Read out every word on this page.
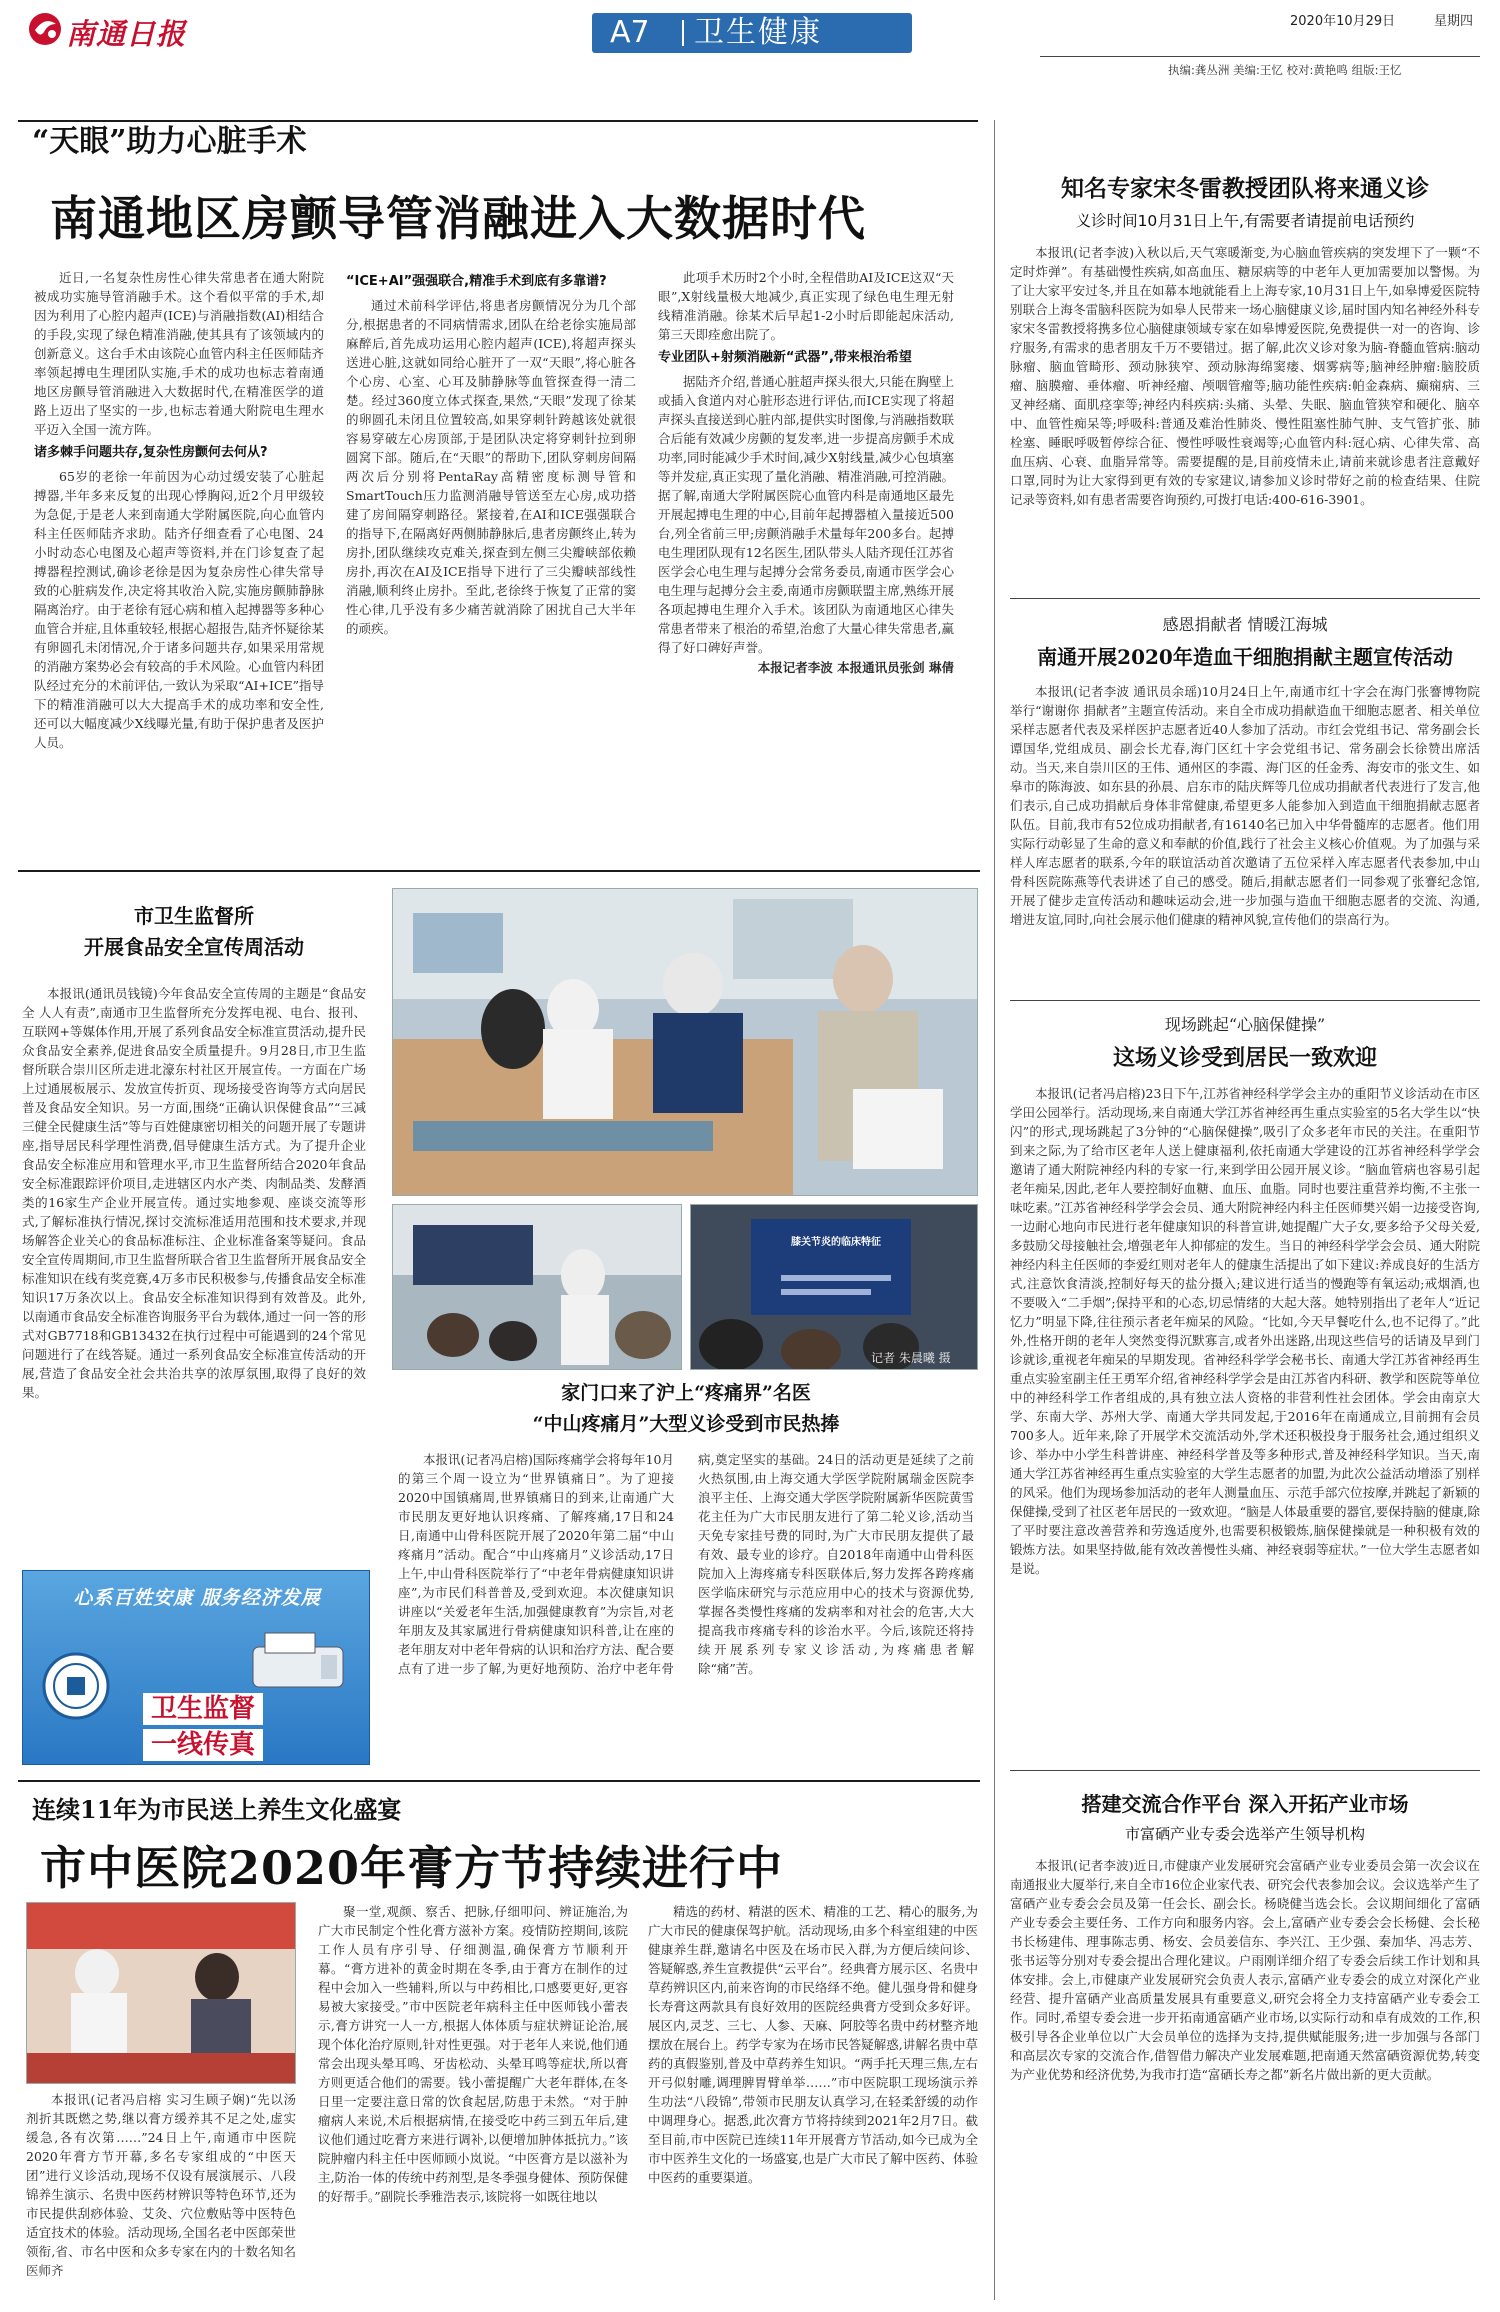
南通日报	A7 卫生健康	2020年10月29日	星期四
执编:龚丛洲 美编:王忆 校对:黄艳鸣 组版:王忆
“天眼”助力心脏手术
南通地区房颤导管消融进入大数据时代

近日,一名复杂性房性心律失常患者在通大附院被成功实施导管消融手术。这个看似平常的手术,却因为利用了心腔内超声(ICE)与消融指数(AI)相结合的手段,实现了绿色精准消融,使其具有了该领域内的创新意义。这台手术由该院心血管内科主任医师陆齐率领起搏电生理团队实施,手术的成功也标志着南通地区房颤导管消融进入大数据时代,在精准医学的道路上迈出了坚实的一步,也标志着通大附院电生理水平迈入全国一流方阵。

诸多棘手问题共存,复杂性房颤何去何从?

65岁的老徐一年前因为心动过缓安装了心脏起搏器,半年多来反复的出现心悸胸闷,近2个月甲级较为急促,于是老人来到南通大学附属医院,向心血管内科主任医师陆齐求助。陆齐仔细查看了心电图、24小时动态心电图及心超声等资料,并在门诊复查了起搏器程控测试,确诊老徐是因为复杂房性心律失常导致的心脏病发作,决定将其收治入院,实施房颤肺静脉隔离治疗。由于老徐有冠心病和植入起搏器等多种心血管合并症,且体重较轻,根据心超报告,陆齐怀疑徐某有卵圆孔未闭情况,介于诸多问题共存,如果采用常规的消融方案势必会有较高的手术风险。心血管内科团队经过充分的术前评估,一致认为采取“AI+ICE”指导下的精准消融可以大大提高手术的成功率和安全性,还可以大幅度减少X线曝光量,有助于保护患者及医护人员。

“ICE+AI”强强联合,精准手术到底有多靠谱?

通过术前科学评估,将患者房颤情况分为几个部分,根据患者的不同病情需求,团队在给老徐实施局部麻醉后,首先成功运用心腔内超声(ICE),将超声探头送进心脏,这就如同给心脏开了一双“天眼”,将心脏各个心房、心室、心耳及肺静脉等血管探查得一清二楚。经过360度立体式探查,果然,“天眼”发现了徐某的卵圆孔未闭且位置较高,如果穿刺针跨越该处就很容易穿破左心房顶部,于是团队决定将穿刺针拉到卵圆窝下部。随后,在“天眼”的帮助下,团队穿刺房间隔两次后分别将PentaRay高精密度标测导管和SmartTouch压力监测消融导管送至左心房,成功搭建了房间隔穿刺路径。紧接着,在AI和ICE强强联合的指导下,在隔离好两侧肺静脉后,患者房颤终止,转为房扑,团队继续攻克难关,探查到左侧三尖瓣峡部依赖房扑,再次在AI及ICE指导下进行了三尖瓣峡部线性消融,顺利终止房扑。至此,老徐终于恢复了正常的窦性心律,几乎没有多少痛苦就消除了困扰自己大半年的顽疾。

此项手术历时2个小时,全程借助AI及ICE这双“天眼”,X射线量极大地减少,真正实现了绿色电生理无射线精准消融。徐某术后早起1-2小时后即能起床活动,第三天即痊愈出院了。

专业团队+射频消融新“武器”,带来根治希望

据陆齐介绍,普通心脏超声探头很大,只能在胸壁上或插入食道内对心脏形态进行评估,而ICE实现了将超声探头直接送到心脏内部,提供实时图像,与消融指数联合后能有效减少房颤的复发率,进一步提高房颤手术成功率,同时能减少手术时间,减少X射线量,减少心包填塞等并发症,真正实现了量化消融、精准消融,可控消融。据了解,南通大学附属医院心血管内科是南通地区最先开展起搏电生理的中心,目前年起搏器植入量接近500台,列全省前三甲;房颤消融手术量每年200多台。起搏电生理团队现有12名医生,团队带头人陆齐现任江苏省医学会心电生理与起搏分会常务委员,南通市医学会心电生理与起搏分会主委,南通市房颤联盟主席,熟练开展各项起搏电生理介入手术。该团队为南通地区心律失常患者带来了根治的希望,治愈了大量心律失常患者,赢得了好口碑好声誉。

本报记者李波 本报通讯员张剑 琳倩
知名专家宋冬雷教授团队将来通义诊
义诊时间10月31日上午,有需要者请提前电话预约

本报讯(记者李波)入秋以后,天气寒暖渐变,为心脑血管疾病的突发埋下了一颗“不定时炸弹”。有基础慢性疾病,如高血压、糖尿病等的中老年人更加需要加以警惕。为了让大家平安过冬,并且在如幕本地就能看上上海专家,10月31日上午,如皋博爱医院特别联合上海冬雷脑科医院为如皋人民带来一场心脑健康义诊,届时国内知名神经外科专家宋冬雷教授将携多位心脑健康领域专家在如皋博爱医院,免费提供一对一的咨询、诊疗服务,有需求的患者朋友千万不要错过。据了解,此次义诊对象为脑-脊髓血管病:脑动脉瘤、脑血管畸形、颈动脉狭窄、颈动脉海绵窦瘘、烟雾病等;脑神经肿瘤:脑胶质瘤、脑膜瘤、垂体瘤、听神经瘤、颅咽管瘤等;脑功能性疾病:帕金森病、癫痫病、三叉神经痛、面肌痉挛等;神经内科疾病:头痛、头晕、失眠、脑血管狭窄和硬化、脑卒中、血管性痴呆等;呼吸科:普通及难治性肺炎、慢性阻塞性肺气肿、支气管扩张、肺栓塞、睡眠呼吸暂停综合征、慢性呼吸性衰竭等;心血管内科:冠心病、心律失常、高血压病、心衰、血脂异常等。需要提醒的是,目前疫情未止,请前来就诊患者注意戴好口罩,同时为让大家得到更有效的专家建议,请参加义诊时带好之前的检查结果、住院记录等资料,如有患者需要咨询预约,可拨打电话:400-616-3901。

感恩捐献者 情暖江海城
南通开展2020年造血干细胞捐献主题宣传活动

本报讯(记者李波 通讯员余瑶)10月24日上午,南通市红十字会在海门张謇博物院举行“谢谢你 捐献者”主题宣传活动。来自全市成功捐献造血干细胞志愿者、相关单位采样志愿者代表及采样医护志愿者近40人参加了活动。市红会党组书记、常务副会长谭国华,党组成员、副会长尤春,海门区红十字会党组书记、常务副会长徐赞出席活动。当天,来自崇川区的王伟、通州区的李霞、海门区的任金秀、海安市的张文生、如皋市的陈海波、如东县的孙晨、启东市的陆庆辉等几位成功捐献者代表进行了发言,他们表示,自己成功捐献后身体非常健康,希望更多人能参加入到造血干细胞捐献志愿者队伍。目前,我市有52位成功捐献者,有16140名已加入中华骨髓库的志愿者。他们用实际行动彰显了生命的意义和奉献的价值,践行了社会主义核心价值观。为了加强与采样人库志愿者的联系,今年的联谊活动首次邀请了五位采样入库志愿者代表参加,中山骨科医院陈燕等代表讲述了自己的感受。随后,捐献志愿者们一同参观了张謇纪念馆,开展了健步走宣传活动和趣味运动会,进一步加强与造血干细胞志愿者的交流、沟通,增进友谊,同时,向社会展示他们健康的精神风貌,宣传他们的崇高行为。

现场跳起“心脑保健操”
这场义诊受到居民一致欢迎

本报讯(记者冯启榕)23日下午,江苏省神经科学学会主办的重阳节义诊活动在市区学田公园举行。活动现场,来自南通大学江苏省神经再生重点实验室的5名大学生以“快闪”的形式,现场跳起了3分钟的“心脑保健操”,吸引了众多老年市民的关注。在重阳节到来之际,为了给市区老年人送上健康福利,依托南通大学建设的江苏省神经科学学会邀请了通大附院神经内科的专家一行,来到学田公园开展义诊。“脑血管病也容易引起老年痴呆,因此,老年人要控制好血糖、血压、血脂。同时也要注重营养均衡,不主张一味吃素。”江苏省神经科学学会会员、通大附院神经内科主任医师樊兴娟一边接受咨询,一边耐心地向市民进行老年健康知识的科普宣讲,她提醒广大子女,要多给予父母关爱,多鼓励父母接触社会,增强老年人抑郁症的发生。当日的神经科学学会会员、通大附院神经内科主任医师的李爱红则对老年人的健康生活提出了如下建议:养成良好的生活方式,注意饮食清淡,控制好每天的盐分摄入;建议进行适当的慢跑等有氧运动;戒烟酒,也不要吸入“二手烟”;保持平和的心态,切忌情绪的大起大落。她特别指出了老年人“近记忆力”明显下降,往往预示者老年痴呆的风险。“比如,今天早餐吃什么,也不记得了。”此外,性格开朗的老年人突然变得沉默寡言,或者外出迷路,出现这些信号的话请及早到门诊就诊,重视老年痴呆的早期发现。省神经科学学会秘书长、南通大学江苏省神经再生重点实验室副主任王勇军介绍,省神经科学学会是由江苏省内科研、教学和医院等单位中的神经科学工作者组成的,具有独立法人资格的非营利性社会团体。学会由南京大学、东南大学、苏州大学、南通大学共同发起,于2016年在南通成立,目前拥有会员700多人。近年来,除了开展学术交流活动外,学术还积极投身于服务社会,通过组织义诊、举办中小学生科普讲座、神经科学普及等多种形式,普及神经科学知识。当天,南通大学江苏省神经再生重点实验室的大学生志愿者的加盟,为此次公益活动增添了别样的风采。他们为现场参加活动的老年人测量血压、示范手部穴位按摩,并跳起了新颖的保健操,受到了社区老年居民的一致欢迎。“脑是人体最重要的器官,要保持脑的健康,除了平时要注意改善营养和劳逸适度外,也需要积极锻炼,脑保健操就是一种积极有效的锻炼方法。如果坚持做,能有效改善慢性头痛、神经衰弱等症状。”一位大学生志愿者如是说。

搭建交流合作平台 深入开拓产业市场
市富硒产业专委会选举产生领导机构

本报讯(记者李波)近日,市健康产业发展研究会富硒产业专业委员会第一次会议在南通报业大厦举行,来自全市16位企业家代表、研究会代表参加会议。会议选举产生了富硒产业专委会会员及第一任会长、副会长。杨晓健当选会长。会议期间细化了富硒产业专委会主要任务、工作方向和服务内容。会上,富硒产业专委会会长杨健、会长秘书长杨建伟、理事陈志勇、杨安、会员姜信东、李兴江、王少强、秦加华、冯志芳、张书运等分别对专委会提出合理化建议。户雨刚详细介绍了专委会后续工作计划和具体安排。会上,市健康产业发展研究会负责人表示,富硒产业专委会的成立对深化产业经营、提升富硒产业高质量发展具有重要意义,研究会将全力支持富硒产业专委会工作。同时,希望专委会进一步开拓南通富硒产业市场,以实际行动和卓有成效的工作,积极引导各企业单位以广大会员单位的选择为支持,提供赋能服务;进一步加强与各部门和高层次专家的交流合作,借智借力解决产业发展难题,把南通天然富硒资源优势,转变为产业优势和经济优势,为我市打造“富硒长寿之都”新名片做出新的更大贡献。

市卫生监督所
开展食品安全宣传周活动

本报讯(通讯员钱镜)今年食品安全宣传周的主题是“食品安全 人人有责”,南通市卫生监督所充分发挥电视、电台、报刊、互联网+等媒体作用,开展了系列食品安全标准宣贯活动,提升民众食品安全素养,促进食品安全质量提升。9月28日,市卫生监督所联合崇川区所走进北濠东村社区开展宣传。一方面在广场上过通展板展示、发放宣传折页、现场接受咨询等方式向居民普及食品安全知识。另一方面,围绕“正确认识保健食品”“三减三健全民健康生活”等与百姓健康密切相关的问题开展了专题讲座,指导居民科学理性消费,倡导健康生活方式。为了提升企业食品安全标准应用和管理水平,市卫生监督所结合2020年食品安全标准跟踪评价项目,走进辖区内水产类、肉制品类、发酵酒类的16家生产企业开展宣传。通过实地参观、座谈交流等形式,了解标准执行情况,探讨交流标准适用范围和技术要求,并现场解答企业关心的食品标准标注、企业标准备案等疑问。食品安全宣传周期间,市卫生监督所联合省卫生监督所开展食品安全标准知识在线有奖竞赛,4万多市民积极参与,传播食品安全标准知识17万条次以上。食品安全标准知识得到有效普及。此外,以南通市食品安全标准咨询服务平台为载体,通过一问一答的形式对GB7718和GB13432在执行过程中可能遇到的24个常见问题进行了在线答疑。通过一系列食品安全标准宣传活动的开展,营造了食品安全社会共治共享的浓厚氛围,取得了良好的效果。

心系百姓安康 服务经济发展
卫生监督
一线传真
膝关节炎的临床特征
记者 朱晨曦 摄
家门口来了沪上“疼痛界”名医
“中山疼痛月”大型义诊受到市民热捧

本报讯(记者冯启榕)国际疼痛学会将每年10月的第三个周一设立为“世界镇痛日”。为了迎接2020中国镇痛周,世界镇痛日的到来,让南通广大市民朋友更好地认识疼痛、了解疼痛,17日和24日,南通中山骨科医院开展了2020年第二届“中山疼痛月”活动。配合“中山疼痛月”义诊活动,17日上午,中山骨科医院举行了“中老年骨病健康知识讲座”,为市民们科普普及,受到欢迎。本次健康知识讲座以“关爱老年生活,加强健康教育”为宗旨,对老年朋友及其家属进行骨病健康知识科普,让在座的老年朋友对中老年骨病的认识和治疗方法、配合要点有了进一步了解,为更好地预防、治疗中老年骨病,奠定坚实的基础。24日的活动更是延续了之前火热氛围,由上海交通大学医学院附属瑞金医院李浪平主任、上海交通大学医学院附属新华医院黄雪花主任为广大市民朋友进行了第二轮义诊,活动当天免专家挂号费的同时,为广大市民朋友提供了最有效、最专业的诊疗。自2018年南通中山骨科医院加入上海疼痛专科医联体后,努力发挥各跨疼痛医学临床研究与示范应用中心的技术与资源优势,掌握各类慢性疼痛的发病率和对社会的危害,大大提高我市疼痛专科的诊治水平。今后,该院还将持续开展系列专家义诊活动,为疼痛患者解除“痛”苦。

连续11年为市民送上养生文化盛宴
市中医院2020年膏方节持续进行中

本报讯(记者冯启榕 实习生顾子娴)“先以汤剂折其既燃之势,继以膏方缓养其不足之处,虚实缓急,各有次第……”24日上午,南通市中医院2020年膏方节开幕,多名专家组成的“中医天团”进行义诊活动,现场不仅设有展演展示、八段锦养生演示、名贵中医药材辨识等特色环节,还为市民提供刮痧体验、艾灸、穴位敷贴等中医特色适宜技术的体验。活动现场,全国名老中医郎荣世领衔,省、市名中医和众多专家在内的十数名知名医师齐

聚一堂,观颜、察舌、把脉,仔细叩问、辨证施治,为广大市民制定个性化膏方滋补方案。疫情防控期间,该院工作人员有序引导、仔细测温,确保膏方节顺利开幕。“膏方进补的黄金时期在冬季,由于膏方在制作的过程中会加入一些辅料,所以与中药相比,口感要更好,更容易被大家接受。”市中医院老年病科主任中医师钱小蕾表示,膏方讲究一人一方,根据人体体质与症状辨证论治,展现个体化治疗原则,针对性更强。对于老年人来说,他们通常会出现头晕耳鸣、牙齿松动、头晕耳鸣等症状,所以膏方则更适合他们的需要。钱小蕾提醒广大老年群体,在冬日里一定要注意日常的饮食起居,防患于未然。“对于肿瘤病人来说,术后根据病情,在接受吃中药三到五年后,建议他们通过吃膏方来进行调补,以便增加肿体抵抗力。”该院肿瘤内科主任中医师顾小岚说。“中医膏方是以滋补为主,防治一体的传统中药剂型,是冬季强身健体、预防保健的好帮手。”副院长季雅浩表示,该院将一如既往地以

精选的药材、精湛的医术、精准的工艺、精心的服务,为广大市民的健康保驾护航。活动现场,由多个科室组建的中医健康养生群,邀请名中医及在场市民入群,为方便后续问诊、答疑解惑,养生宣教提供“云平台”。经典膏方展示区、名贵中草药辨识区内,前来咨询的市民络绎不绝。健儿强身骨和健身长寿膏这两款具有良好效用的医院经典膏方受到众多好评。展区内,灵芝、三七、人参、天麻、阿胶等名贵中药材整齐地摆放在展台上。药学专家为在场市民答疑解惑,讲解名贵中草药的真假鉴别,普及中草药养生知识。“两手托天理三焦,左右开弓似射雕,调理脾胃臂单举……”市中医院职工现场演示养生功法“八段锦”,带领市民朋友认真学习,在轻柔舒缓的动作中调理身心。据悉,此次膏方节将持续到2021年2月7日。截至目前,市中医院已连续11年开展膏方节活动,如今已成为全市中医养生文化的一场盛宴,也是广大市民了解中医药、体验中医药的重要渠道。
